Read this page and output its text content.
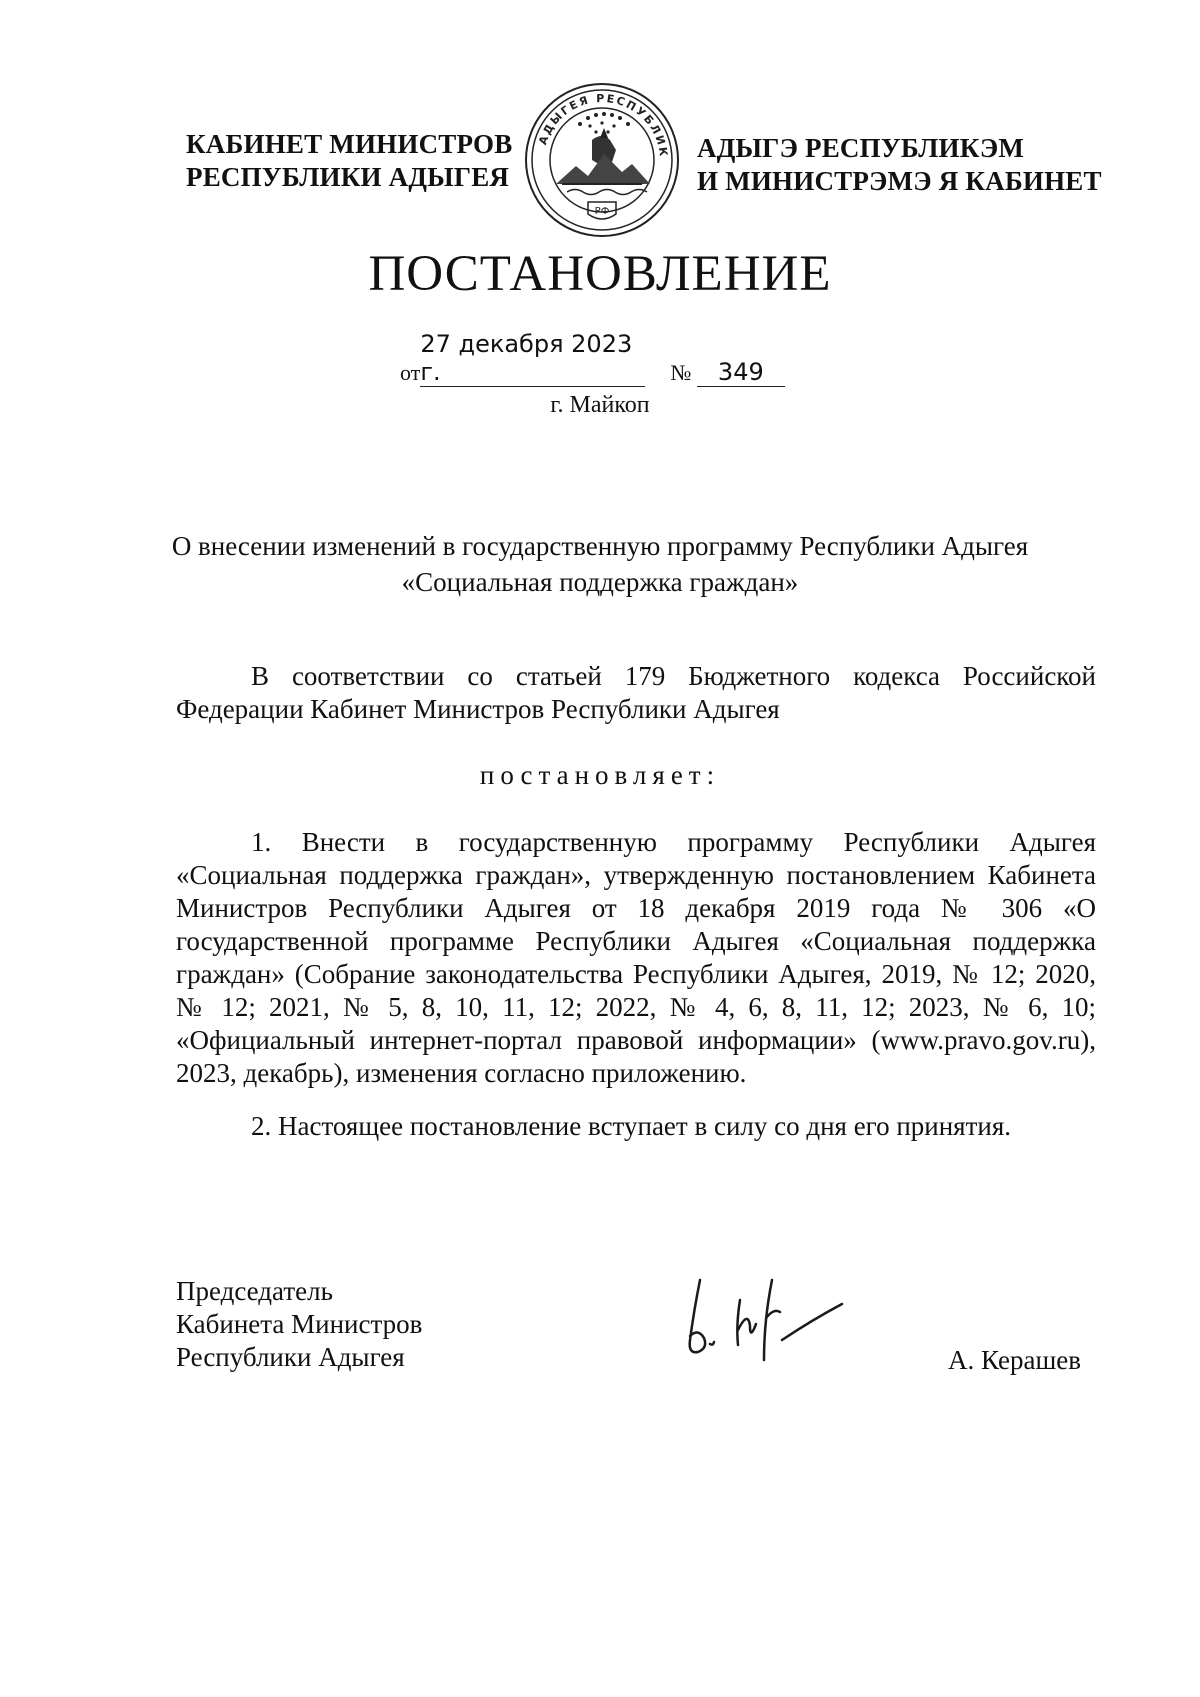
КАБИНЕТ МИНИСТРОВ
РЕСПУБЛИКИ АДЫГЕЯ
АДЫГЕЯ РЕСПУБЛИК
РФ
АДЫГЭ РЕСПУБЛИКЭМ
И МИНИСТРЭМЭ Я КАБИНЕТ
ПОСТАНОВЛЕНИЕ
от27 декабря 2023 г.	№ 349
г. Майкоп
О внесении изменений в государственную программу Республики Адыгея
«Социальная поддержка граждан»
В соответствии со статьей 179 Бюджетного кодекса Российской Федерации Кабинет Министров Республики Адыгея
постановляет:
1. Внести в государственную программу Республики Адыгея «Социальная поддержка граждан», утвержденную постановлением Кабинета Министров Республики Адыгея от 18 декабря 2019 года № 306 «О государственной программе Республики Адыгея «Социальная поддержка граждан» (Собрание законодательства Республики Адыгея, 2019, № 12; 2020, № 12; 2021, № 5, 8, 10, 11, 12; 2022, № 4, 6, 8, 11, 12; 2023, № 6, 10; «Официальный интернет-портал правовой информации» (www.pravo.gov.ru), 2023, декабрь), изменения согласно приложению.
2. Настоящее постановление вступает в силу со дня его принятия.
Председатель
Кабинета Министров
Республики Адыгея	А. Керашев
